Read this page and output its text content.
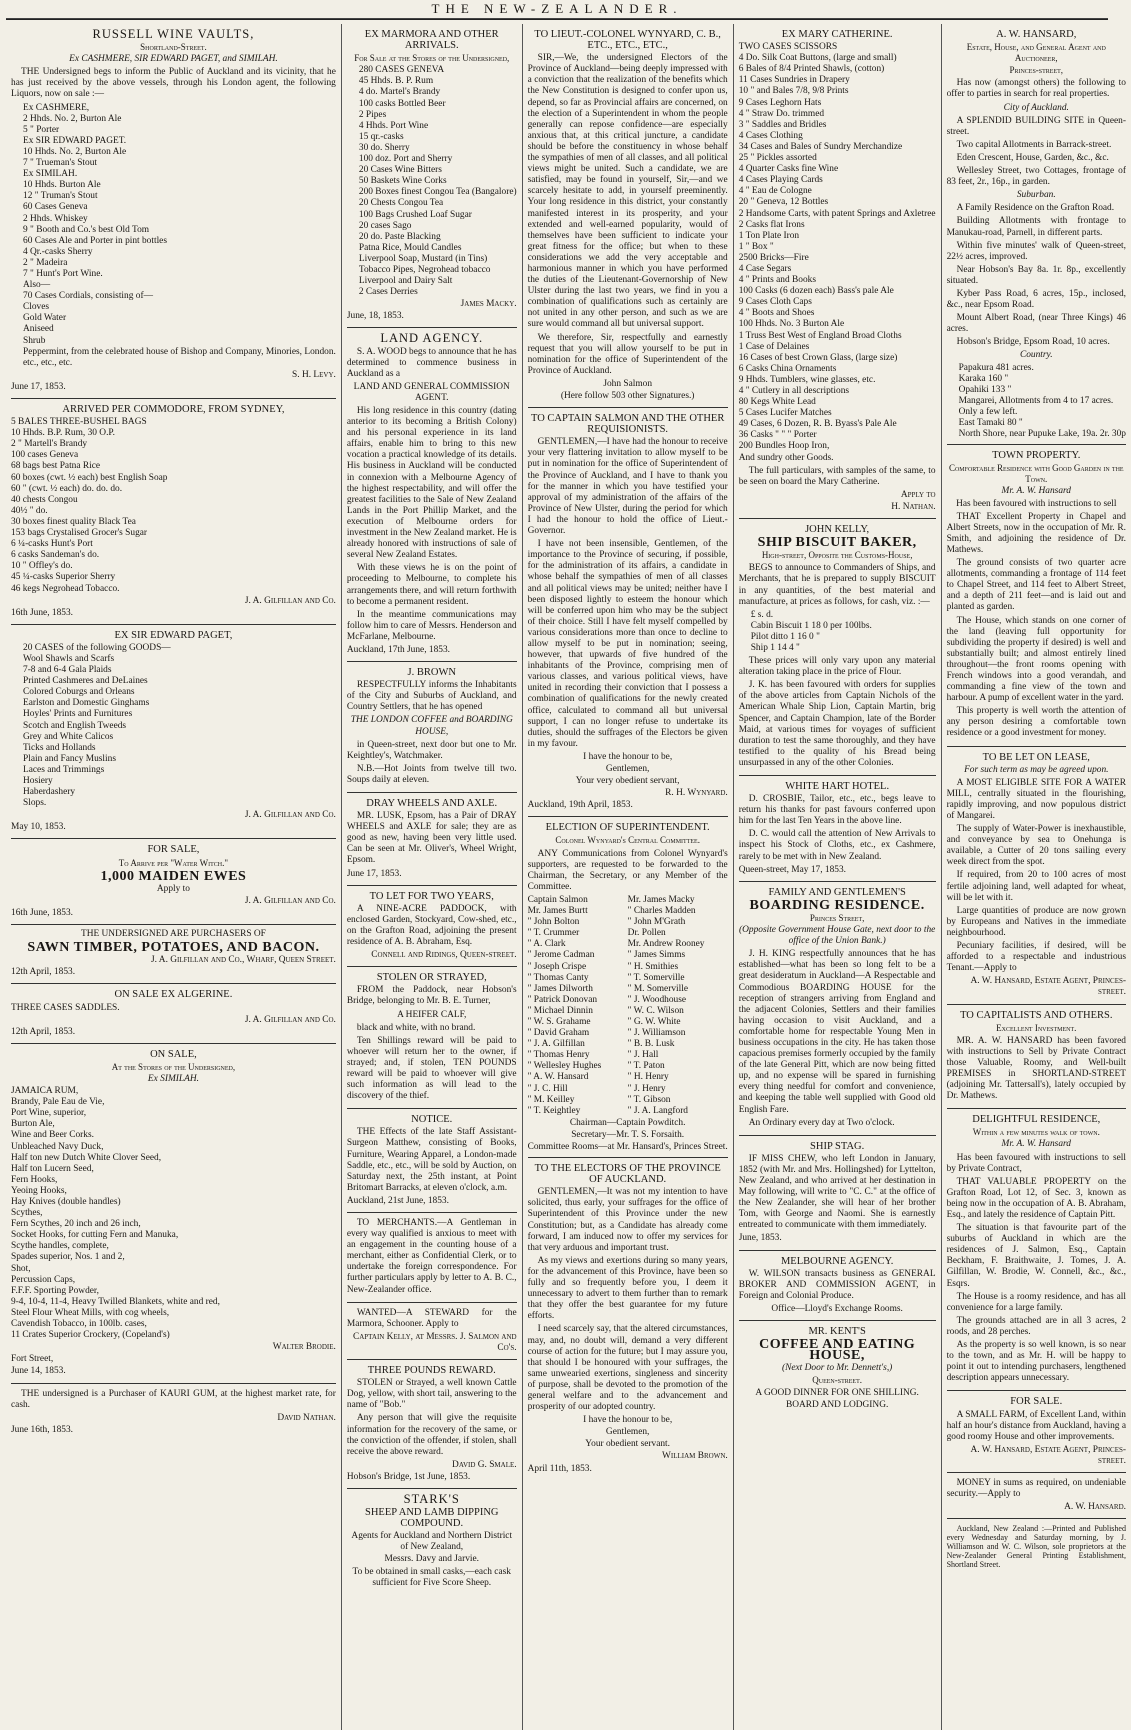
THE NEW-ZEALANDER.
RUSSELL WINE VAULTS,
Shortland-Street.
Ex CASHMERE, SIR EDWARD PAGET, and SIMILAH.

THE Undersigned begs to inform the Public of Auckland and its vicinity, that he has just received by the above vessels, through his London agent, the following Liquors, now on sale :—

Ex CASHMERE,
2 Hhds. No. 2, Burton Ale
5 " Porter
Ex SIR EDWARD PAGET.
10 Hhds. No. 2, Burton Ale
7 " Trueman's Stout
Ex SIMILAH.
10 Hhds. Burton Ale
12 " Truman's Stout
60 Cases Geneva
2 Hhds. Whiskey
9 " Booth and Co.'s best Old Tom
60 Cases Ale and Porter in pint bottles
4 Qr.-casks Sherry
2 " Madeira
7 " Hunt's Port Wine.
Also—
70 Cases Cordials, consisting of—
Cloves
Gold Water
Aniseed
Shrub
Peppermint, from the celebrated house of Bishop and Company, Minories, London.
etc., etc., etc.
S. H. Levy.
June 17, 1853.
ARRIVED PER COMMODORE, FROM SYDNEY,
5 BALES THREE-BUSHEL BAGS
10 Hhds. B.P. Rum, 30 O.P.
2 " Martell's Brandy
100 cases Geneva
68 bags best Patna Rice
60 boxes (cwt. ½ each) best English Soap
60 " (cwt. ½ each) do. do. do.
40 chests Congou
40½ " do.
30 boxes finest quality Black Tea
153 bags Crystalised Grocer's Sugar
6 ¼-casks Hunt's Port
6 casks Sandeman's do.
10 " Offley's do.
45 ¼-casks Superior Sherry
46 kegs Negrohead Tobacco.
J. A. Gilfillan and Co.
16th June, 1853.
EX SIR EDWARD PAGET,
20 CASES of the following GOODS—
Wool Shawls and Scarfs
7-8 and 6-4 Gala Plaids
Printed Cashmeres and DeLaines
Colored Coburgs and Orleans
Earlston and Domestic Ginghams
Hoyles' Prints and Furnitures
Scotch and English Tweeds
Grey and White Calicos
Ticks and Hollands
Plain and Fancy Muslins
Laces and Trimmings
Hosiery
Haberdashery
Slops.
J. A. Gilfillan and Co.
May 10, 1853.
FOR SALE,
To Arrive per "Water Witch."
1,000 MAIDEN EWES
Apply to
J. A. Gilfillan and Co.
16th June, 1853.
THE UNDERSIGNED ARE PURCHASERS OF
SAWN TIMBER, POTATOES, AND BACON.
J. A. Gilfillan and Co., Wharf, Queen Street.
12th April, 1853.
ON SALE EX ALGERINE.
THREE CASES SADDLES.
J. A. Gilfillan and Co.
12th April, 1853.
ON SALE,
At the Stores of the Undersigned,
Ex SIMILAH.
JAMAICA RUM,
Brandy, Pale Eau de Vie,
Port Wine, superior,
Burton Ale,
Wine and Beer Corks.
Unbleached Navy Duck,
Half ton new Dutch White Clover Seed,
Half ton Lucern Seed,
Fern Hooks,
Yeoing Hooks,
Hay Knives (double handles)
Scythes,
Fern Scythes, 20 inch and 26 inch,
Socket Hooks, for cutting Fern and Manuka,
Scythe handles, complete,
Spades superior, Nos. 1 and 2,
Shot,
Percussion Caps,
F.F.F. Sporting Powder,
9-4, 10-4, 11-4, Heavy Twilled Blankets, white and red,
Steel Flour Wheat Mills, with cog wheels,
Cavendish Tobacco, in 100lb. cases,
11 Crates Superior Crockery, (Copeland's)
Walter Brodie.
Fort Street,
June 14, 1853.

THE undersigned is a Purchaser of KAURI GUM, at the highest market rate, for cash.

David Nathan.
June 16th, 1853.
EX MARMORA AND OTHER ARRIVALS.
For Sale at the Stores of the Undersigned,
280 CASES GENEVA
45 Hhds. B. P. Rum
4 do. Martel's Brandy
100 casks Bottled Beer
2 Pipes
4 Hhds. Port Wine
15 qr.-casks
30 do. Sherry
100 doz. Port and Sherry
20 Cases Wine Bitters
50 Baskets Wine Corks
200 Boxes finest Congou Tea (Bangalore)
20 Chests Congou Tea
100 Bags Crushed Loaf Sugar
20 cases Sago
20 do. Paste Blacking
Patna Rice, Mould Candles
Liverpool Soap, Mustard (in Tins)
Tobacco Pipes, Negrohead tobacco
Liverpool and Dairy Salt
2 Cases Derries
James Macky.
June, 18, 1853.
LAND AGENCY.

S. A. WOOD begs to announce that he has determined to commence business in Auckland as a

LAND AND GENERAL COMMISSION AGENT.

His long residence in this country (dating anterior to its becoming a British Colony) and his personal experience in its land affairs, enable him to bring to this new vocation a practical knowledge of its details. His business in Auckland will be conducted in connexion with a Melbourne Agency of the highest respectability, and will offer the greatest facilities to the Sale of New Zealand Lands in the Port Phillip Market, and the execution of Melbourne orders for investment in the New Zealand market. He is already honored with instructions of sale of several New Zealand Estates.

With these views he is on the point of proceeding to Melbourne, to complete his arrangements there, and will return forthwith to become a permanent resident.

In the meantime communications may follow him to care of Messrs. Henderson and McFarlane, Melbourne.

Auckland, 17th June, 1853.
J. BROWN

RESPECTFULLY informs the Inhabitants of the City and Suburbs of Auckland, and Country Settlers, that he has opened

THE LONDON COFFEE and BOARDING HOUSE,

in Queen-street, next door but one to Mr. Keightley's, Watchmaker.

N.B.—Hot Joints from twelve till two. Soups daily at eleven.

DRAY WHEELS AND AXLE.

MR. LUSK, Epsom, has a Pair of DRAY WHEELS and AXLE for sale; they are as good as new, having been very little used. Can be seen at Mr. Oliver's, Wheel Wright, Epsom.

June 17, 1853.
TO LET FOR TWO YEARS,

A NINE-ACRE PADDOCK, with enclosed Garden, Stockyard, Cow-shed, etc., on the Grafton Road, adjoining the present residence of A. B. Abraham, Esq.

Connell and Ridings, Queen-street.
STOLEN OR STRAYED,

FROM the Paddock, near Hobson's Bridge, belonging to Mr. B. E. Turner,

A HEIFER CALF,

black and white, with no brand.

Ten Shillings reward will be paid to whoever will return her to the owner, if strayed; and, if stolen, TEN POUNDS reward will be paid to whoever will give such information as will lead to the discovery of the thief.

NOTICE.

THE Effects of the late Staff Assistant-Surgeon Matthew, consisting of Books, Furniture, Wearing Apparel, a London-made Saddle, etc., etc., will be sold by Auction, on Saturday next, the 25th instant, at Point Britomart Barracks, at eleven o'clock, a.m.

Auckland, 21st June, 1853.

TO MERCHANTS.—A Gentleman in every way qualified is anxious to meet with an engagement in the counting house of a merchant, either as Confidential Clerk, or to undertake the foreign correspondence. For further particulars apply by letter to A. B. C., New-Zealander office.

WANTED—A STEWARD for the Marmora, Schooner. Apply to

Captain Kelly, at Messrs. J. Salmon and Co's.
THREE POUNDS REWARD.

STOLEN or Strayed, a well known Cattle Dog, yellow, with short tail, answering to the name of "Bob."

Any person that will give the requisite information for the recovery of the same, or the conviction of the offender, if stolen, shall receive the above reward.

David G. Smale.
Hobson's Bridge, 1st June, 1853.
STARK'S
SHEEP AND LAMB DIPPING COMPOUND.
Agents for Auckland and Northern District of New Zealand,
Messrs. Davy and Jarvie.
To be obtained in small casks,—each cask sufficient for Five Score Sheep.
TO LIEUT.-COLONEL WYNYARD, C. B., ETC., ETC., ETC.,

SIR,—We, the undersigned Electors of the Province of Auckland—being deeply impressed with a conviction that the realization of the benefits which the New Constitution is designed to confer upon us, depend, so far as Provincial affairs are concerned, on the election of a Superintendent in whom the people generally can repose confidence—are especially anxious that, at this critical juncture, a candidate should be before the constituency in whose behalf the sympathies of men of all classes, and all political views might be united. Such a candidate, we are satisfied, may be found in yourself, Sir,—and we scarcely hesitate to add, in yourself preeminently. Your long residence in this district, your constantly manifested interest in its prosperity, and your extended and well-earned popularity, would of themselves have been sufficient to indicate your great fitness for the office; but when to these considerations we add the very acceptable and harmonious manner in which you have performed the duties of the Lieutenant-Governorship of New Ulster during the last two years, we find in you a combination of qualifications such as certainly are not united in any other person, and such as we are sure would command all but universal support.

We therefore, Sir, respectfully and earnestly request that you will allow yourself to be put in nomination for the office of Superintendent of the Province of Auckland.

John Salmon
(Here follow 503 other Signatures.)
TO CAPTAIN SALMON AND THE OTHER REQUISIONISTS.

GENTLEMEN,—I have had the honour to receive your very flattering invitation to allow myself to be put in nomination for the office of Superintendent of the Province of Auckland, and I have to thank you for the manner in which you have testified your approval of my administration of the affairs of the Province of New Ulster, during the period for which I had the honour to hold the office of Lieut.-Governor.

I have not been insensible, Gentlemen, of the importance to the Province of securing, if possible, for the administration of its affairs, a candidate in whose behalf the sympathies of men of all classes and all political views may be united; neither have I been disposed lightly to esteem the honour which will be conferred upon him who may be the subject of their choice. Still I have felt myself compelled by various considerations more than once to decline to allow myself to be put in nomination; seeing, however, that upwards of five hundred of the inhabitants of the Province, comprising men of various classes, and various political views, have united in recording their conviction that I possess a combination of qualifications for the newly created office, calculated to command all but universal support, I can no longer refuse to undertake its duties, should the suffrages of the Electors be given in my favour.

I have the honour to be,
Gentlemen,
Your very obedient servant,
R. H. Wynyard.
Auckland, 19th April, 1853.
ELECTION OF SUPERINTENDENT.
Colonel Wynyard's Central Committee.

ANY Communications from Colonel Wynyard's supporters, are requested to be forwarded to the Chairman, the Secretary, or any Member of the Committee.

Captain Salmon
Mr. James Burtt
" John Bolton
" T. Crummer
" A. Clark
" Jerome Cadman
" Joseph Crispe
" Thomas Canty
" James Dilworth
" Patrick Donovan
" Michael Dinnin
" W. S. Grahame
" David Graham
" J. A. Gilfillan
" Thomas Henry
" Wellesley Hughes
" A. W. Hansard
" J. C. Hill
" M. Keilley
" T. Keightley
Mr. James Macky
" Charles Madden
" John M'Grath
Dr. Pollen
Mr. Andrew Rooney
" James Simms
" H. Smithies
" T. Somerville
" M. Somerville
" J. Woodhouse
" W. C. Wilson
" G. W. White
" J. Williamson
" B. B. Lusk
" J. Hall
" T. Paton
" H. Henry
" J. Henry
" T. Gibson
" J. A. Langford
Chairman—Captain Powditch.
Secretary—Mr. T. S. Forsaith.
Committee Rooms—at Mr. Hansard's, Princes Street.
TO THE ELECTORS OF THE PROVINCE OF AUCKLAND.

GENTLEMEN,—It was not my intention to have solicited, thus early, your suffrages for the office of Superintendent of this Province under the new Constitution; but, as a Candidate has already come forward, I am induced now to offer my services for that very arduous and important trust.

As my views and exertions during so many years, for the advancement of this Province, have been so fully and so frequently before you, I deem it unnecessary to advert to them further than to remark that they offer the best guarantee for my future efforts.

I need scarcely say, that the altered circumstances, may, and, no doubt will, demand a very different course of action for the future; but I may assure you, that should I be honoured with your suffrages, the same unwearied exertions, singleness and sincerity of purpose, shall be devoted to the promotion of the general welfare and to the advancement and prosperity of our adopted country.

I have the honour to be,
Gentlemen,
Your obedient servant.
William Brown.
April 11th, 1853.
EX MARY CATHERINE.
TWO CASES SCISSORS
4 Do. Silk Coat Buttons, (large and small)
6 Bales of 8/4 Printed Shawls, (cotton)
11 Cases Sundries in Drapery
10 " and Bales 7/8, 9/8 Prints
9 Cases Leghorn Hats
4 " Straw Do. trimmed
3 " Saddles and Bridles
4 Cases Clothing
34 Cases and Bales of Sundry Merchandize
25 " Pickles assorted
4 Quarter Casks fine Wine
4 Cases Playing Cards
4 " Eau de Cologne
20 " Geneva, 12 Bottles
2 Handsome Carts, with patent Springs and Axletree
2 Casks flat Irons
1 Ton Plate Iron
1 " Box "
2500 Bricks—Fire
4 Case Segars
4 " Prints and Books
100 Casks (6 dozen each) Bass's pale Ale
9 Cases Cloth Caps
4 " Boots and Shoes
100 Hhds. No. 3 Burton Ale
1 Truss Best West of England Broad Cloths
1 Case of Delaines
16 Cases of best Crown Glass, (large size)
6 Casks China Ornaments
9 Hhds. Tumblers, wine glasses, etc.
4 " Cutlery in all descriptions
80 Kegs White Lead
5 Cases Lucifer Matches
49 Cases, 6 Dozen, R. B. Byass's Pale Ale
36 Casks " " " Porter
200 Bundles Hoop Iron,
And sundry other Goods.

The full particulars, with samples of the same, to be seen on board the Mary Catherine.

Apply to
H. Nathan.
JOHN KELLY,
SHIP BISCUIT BAKER,
High-street, Opposite the Customs-House,

BEGS to announce to Commanders of Ships, and Merchants, that he is prepared to supply BISCUIT in any quantities, of the best material and manufacture, at prices as follows, for cash, viz. :—

£ s. d.
Cabin Biscuit 1 18 0 per 100lbs.
Pilot ditto 1 16 0 "
Ship 1 14 4 "

These prices will only vary upon any material alteration taking place in the price of Flour.

J. K. has been favoured with orders for supplies of the above articles from Captain Nichols of the American Whale Ship Lion, Captain Martin, brig Spencer, and Captain Champion, late of the Border Maid, at various times for voyages of sufficient duration to test the same thoroughly, and they have testified to the quality of his Bread being unsurpassed in any of the other Colonies.

WHITE HART HOTEL.

D. CROSBIE, Tailor, etc., etc., begs leave to return his thanks for past favours conferred upon him for the last Ten Years in the above line.

D. C. would call the attention of New Arrivals to inspect his Stock of Cloths, etc., ex Cashmere, rarely to be met with in New Zealand.

Queen-street, May 17, 1853.
FAMILY AND GENTLEMEN'S
BOARDING RESIDENCE.
Princes Street,
(Opposite Government House Gate, next door to the office of the Union Bank.)

J. H. KING respectfully announces that he has established—what has been so long felt to be a great desideratum in Auckland—A Respectable and Commodious BOARDING HOUSE for the reception of strangers arriving from England and the adjacent Colonies, Settlers and their families having occasion to visit Auckland, and a comfortable home for respectable Young Men in business occupations in the city. He has taken those capacious premises formerly occupied by the family of the late General Pitt, which are now being fitted up, and no expense will be spared in furnishing every thing needful for comfort and convenience, and keeping the table well supplied with Good old English Fare.

An Ordinary every day at Two o'clock.

SHIP STAG.

IF MISS CHEW, who left London in January, 1852 (with Mr. and Mrs. Hollingshed) for Lyttelton, New Zealand, and who arrived at her destination in May following, will write to "C. C." at the office of the New Zealander, she will hear of her brother Tom, with George and Naomi. She is earnestly entreated to communicate with them immediately.

June, 1853.
MELBOURNE AGENCY.

W. WILSON transacts business as GENERAL BROKER AND COMMISSION AGENT, in Foreign and Colonial Produce.

Office—Lloyd's Exchange Rooms.
MR. KENT'S
COFFEE AND EATING HOUSE,
(Next Door to Mr. Dennett's,)
Queen-street.
A GOOD DINNER FOR ONE SHILLING.
BOARD AND LODGING.
A. W. HANSARD,
Estate, House, and General Agent and Auctioneer,
Princes-street,

Has now (amongst others) the following to offer to parties in search for real properties.

City of Auckland.

A SPLENDID BUILDING SITE in Queen-street.

Two capital Allotments in Barrack-street.

Eden Crescent, House, Garden, &c., &c.

Wellesley Street, two Cottages, frontage of 83 feet, 2r., 16p., in garden.

Suburban.

A Family Residence on the Grafton Road.

Building Allotments with frontage to Manukau-road, Parnell, in different parts.

Within five minutes' walk of Queen-street, 22½ acres, improved.

Near Hobson's Bay 8a. 1r. 8p., excellently situated.

Kyber Pass Road, 6 acres, 15p., inclosed, &c., near Epsom Road.

Mount Albert Road, (near Three Kings) 46 acres.

Hobson's Bridge, Epsom Road, 10 acres.

Country.
Papakura 481 acres.
Karaka 160 "
Opahiki 133 "
Mangarei, Allotments from 4 to 17 acres.
Only a few left.
East Tamaki 80 "
North Shore, near Pupuke Lake, 19a. 2r. 30p
TOWN PROPERTY.
Comfortable Residence with Good Garden in the Town.
Mr. A. W. Hansard
Has been favoured with instructions to sell

THAT Excellent Property in Chapel and Albert Streets, now in the occupation of Mr. R. Smith, and adjoining the residence of Dr. Mathews.

The ground consists of two quarter acre allotments, commanding a frontage of 114 feet to Chapel Street, and 114 feet to Albert Street, and a depth of 211 feet—and is laid out and planted as garden.

The House, which stands on one corner of the land (leaving full opportunity for subdividing the property if desired) is well and substantially built; and almost entirely lined throughout—the front rooms opening with French windows into a good verandah, and commanding a fine view of the town and harbour. A pump of excellent water in the yard.

This property is well worth the attention of any person desiring a comfortable town residence or a good investment for money.

TO BE LET ON LEASE,
For such term as may be agreed upon.

A MOST ELIGIBLE SITE FOR A WATER MILL, centrally situated in the flourishing, rapidly improving, and now populous district of Mangarei.

The supply of Water-Power is inexhaustible, and conveyance by sea to Onehunga is available, a Cutter of 20 tons sailing every week direct from the spot.

If required, from 20 to 100 acres of most fertile adjoining land, well adapted for wheat, will be let with it.

Large quantities of produce are now grown by Europeans and Natives in the immediate neighbourhood.

Pecuniary facilities, if desired, will be afforded to a respectable and industrious Tenant.—Apply to

A. W. Hansard, Estate Agent, Princes-street.
TO CAPITALISTS AND OTHERS.
Excellent Investment.

MR. A. W. HANSARD has been favored with instructions to Sell by Private Contract those Valuable, Roomy, and Well-built PREMISES in SHORTLAND-STREET (adjoining Mr. Tattersall's), lately occupied by Dr. Mathews.

DELIGHTFUL RESIDENCE,
Within a few minutes walk of town.
Mr. A. W. Hansard

Has been favoured with instructions to sell by Private Contract,

THAT VALUABLE PROPERTY on the Grafton Road, Lot 12, of Sec. 3, known as being now in the occupation of A. B. Abraham, Esq., and lately the residence of Captain Pitt.

The situation is that favourite part of the suburbs of Auckland in which are the residences of J. Salmon, Esq., Captain Beckham, F. Braithwaite, J. Tomes, J. A. Gilfillan, W. Brodie, W. Connell, &c., &c., Esqrs.

The House is a roomy residence, and has all convenience for a large family.

The grounds attached are in all 3 acres, 2 roods, and 28 perches.

As the property is so well known, is so near to the town, and as Mr. H. will be happy to point it out to intending purchasers, lengthened description appears unnecessary.

FOR SALE.

A SMALL FARM, of Excellent Land, within half an hour's distance from Auckland, having a good roomy House and other improvements.

A. W. Hansard, Estate Agent, Princes-street.

MONEY in sums as required, on undeniable security.—Apply to

A. W. Hansard.

Auckland, New Zealand :—Printed and Published every Wednesday and Saturday morning, by J. Williamson and W. C. Wilson, sole proprietors at the New-Zealander General Printing Establishment, Shortland Street.
